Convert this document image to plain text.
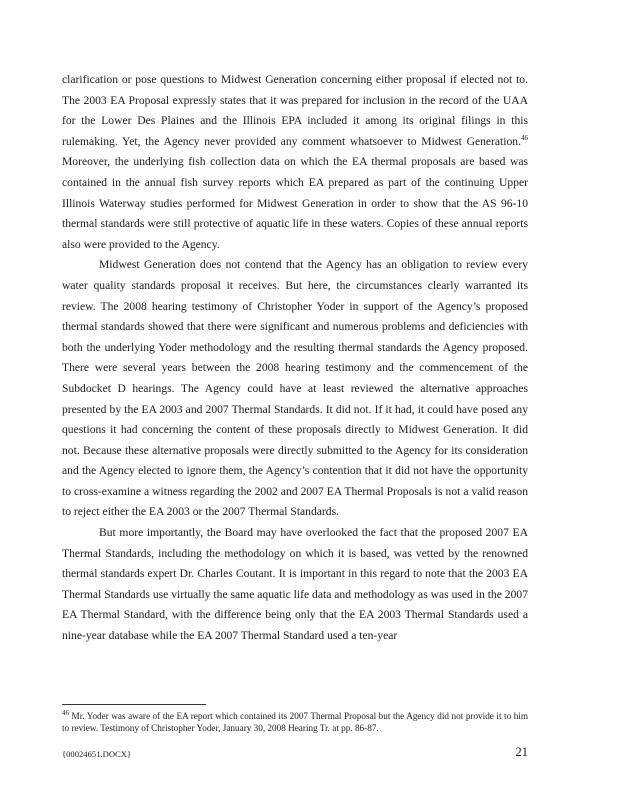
clarification or pose questions to Midwest Generation concerning either proposal if elected not to. The 2003 EA Proposal expressly states that it was prepared for inclusion in the record of the UAA for the Lower Des Plaines and the Illinois EPA included it among its original filings in this rulemaking. Yet, the Agency never provided any comment whatsoever to Midwest Generation.$^{46}$ Moreover, the underlying fish collection data on which the EA thermal proposals are based was contained in the annual fish survey reports which EA prepared as part of the continuing Upper Illinois Waterway studies performed for Midwest Generation in order to show that the AS 96-10 thermal standards were still protective of aquatic life in these waters. Copies of these annual reports also were provided to the Agency.

Midwest Generation does not contend that the Agency has an obligation to review every water quality standards proposal it receives. But here, the circumstances clearly warranted its review. The 2008 hearing testimony of Christopher Yoder in support of the Agency’s proposed thermal standards showed that there were significant and numerous problems and deficiencies with both the underlying Yoder methodology and the resulting thermal standards the Agency proposed. There were several years between the 2008 hearing testimony and the commencement of the Subdocket D hearings. The Agency could have at least reviewed the alternative approaches presented by the EA 2003 and 2007 Thermal Standards. It did not. If it had, it could have posed any questions it had concerning the content of these proposals directly to Midwest Generation. It did not. Because these alternative proposals were directly submitted to the Agency for its consideration and the Agency elected to ignore them, the Agency’s contention that it did not have the opportunity to cross-examine a witness regarding the 2002 and 2007 EA Thermal Proposals is not a valid reason to reject either the EA 2003 or the 2007 Thermal Standards.

But more importantly, the Board may have overlooked the fact that the proposed 2007 EA Thermal Standards, including the methodology on which it is based, was vetted by the renowned thermal standards expert Dr. Charles Coutant. It is important in this regard to note that the 2003 EA Thermal Standards use virtually the same aquatic life data and methodology as was used in the 2007 EA Thermal Standard, with the difference being only that the EA 2003 Thermal Standards used a nine-year database while the EA 2007 Thermal Standard used a ten-year

$^{46}$ Mr. Yoder was aware of the EA report which contained its 2007 Thermal Proposal but the Agency did not provide it to him to review. Testimony of Christopher Yoder, January 30, 2008 Hearing Tr. at pp. 86-87.
{00024651.DOCX}	21
